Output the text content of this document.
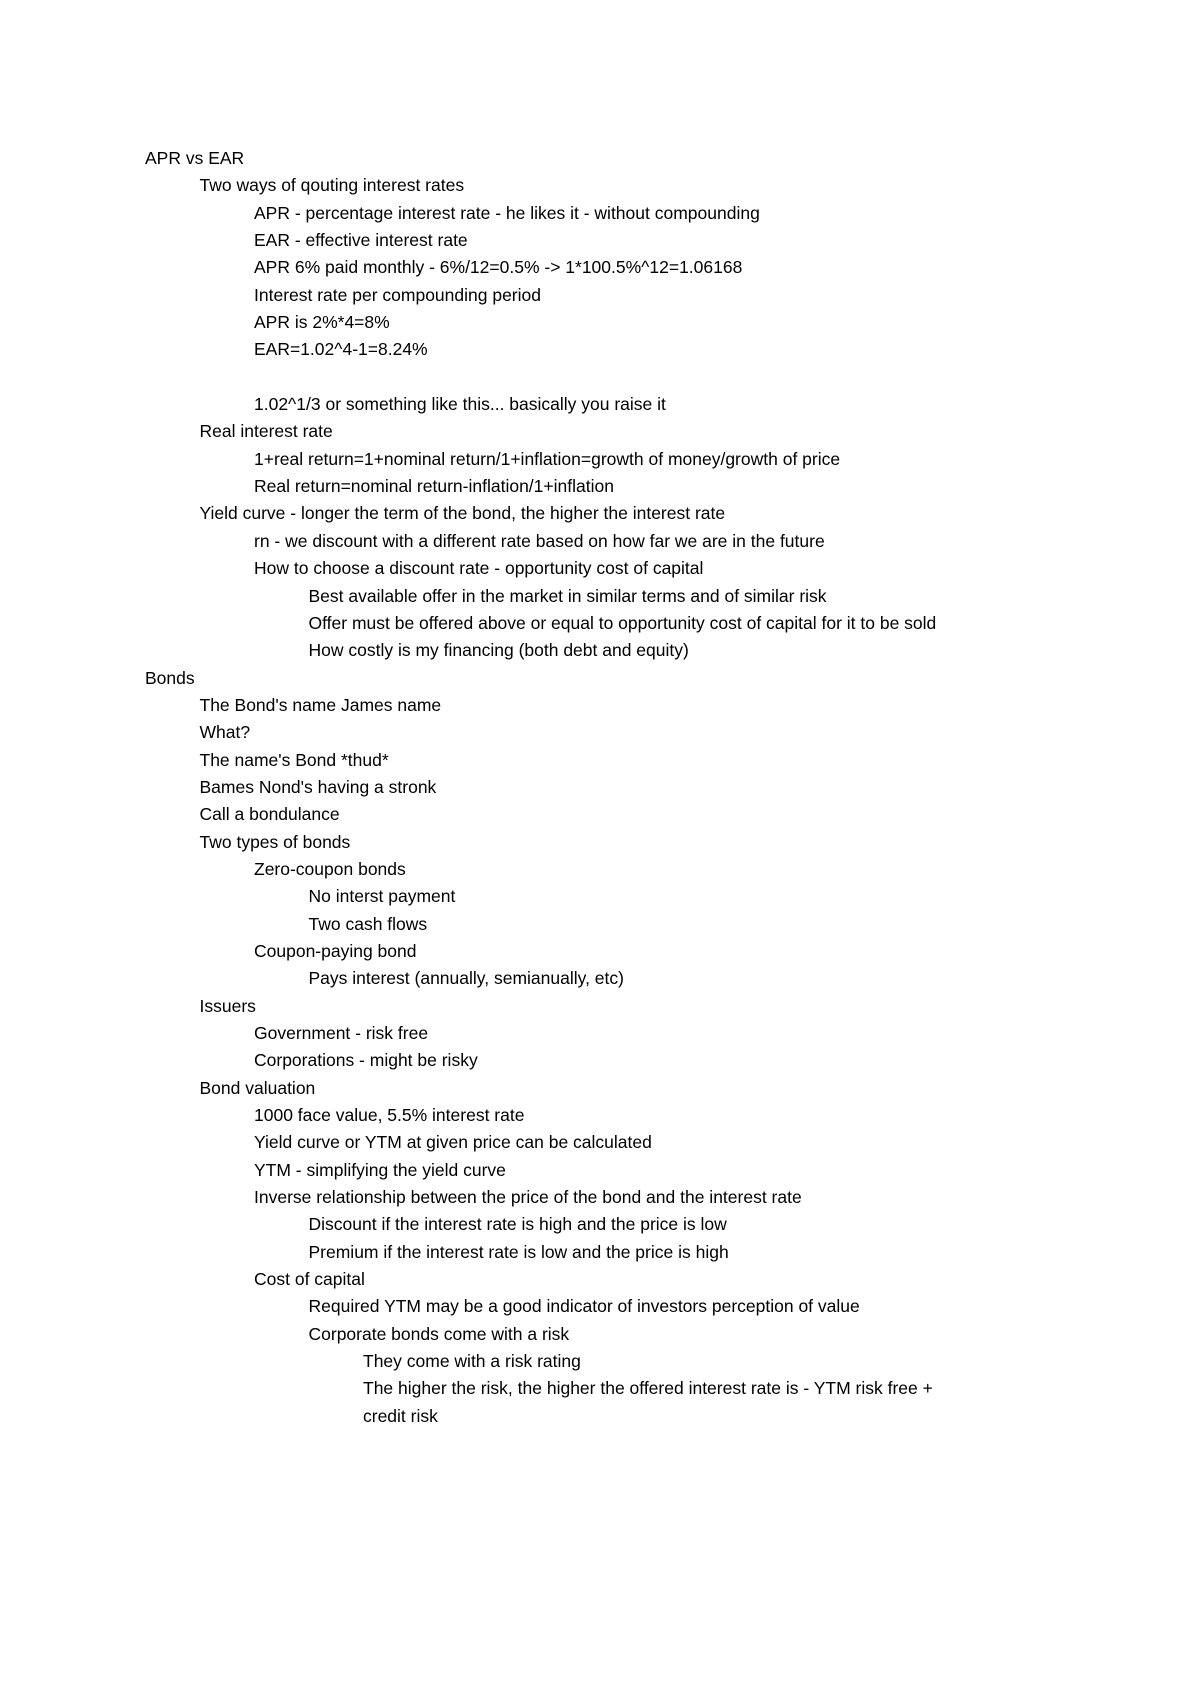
APR vs EAR
Two ways of qouting interest rates
APR - percentage interest rate - he likes it - without compounding
EAR - effective interest rate
APR 6% paid monthly - 6%/12=0.5% -> 1*100.5%^12=1.06168
Interest rate per compounding period
APR is 2%*4=8%
EAR=1.02^4-1=8.24%
1.02^1/3 or something like this... basically you raise it
Real interest rate
1+real return=1+nominal return/1+inflation=growth of money/growth of price
Real return=nominal return-inflation/1+inflation
Yield curve - longer the term of the bond, the higher the interest rate
rn - we discount with a different rate based on how far we are in the future
How to choose a discount rate - opportunity cost of capital
Best available offer in the market in similar terms and of similar risk
Offer must be offered above or equal to opportunity cost of capital for it to be sold
How costly is my financing (both debt and equity)
Bonds
The Bond's name James name
What?
The name's Bond *thud*
Bames Nond's having a stronk
Call a bondulance
Two types of bonds
Zero-coupon bonds
No interst payment
Two cash flows
Coupon-paying bond
Pays interest (annually, semianually, etc)
Issuers
Government - risk free
Corporations - might be risky
Bond valuation
1000 face value, 5.5% interest rate
Yield curve or YTM at given price can be calculated
YTM - simplifying the yield curve
Inverse relationship between the price of the bond and the interest rate
Discount if the interest rate is high and the price is low
Premium if the interest rate is low and the price is high
Cost of capital
Required YTM may be a good indicator of investors perception of value
Corporate bonds come with a risk
They come with a risk rating
The higher the risk, the higher the offered interest rate is - YTM risk free +
credit risk
